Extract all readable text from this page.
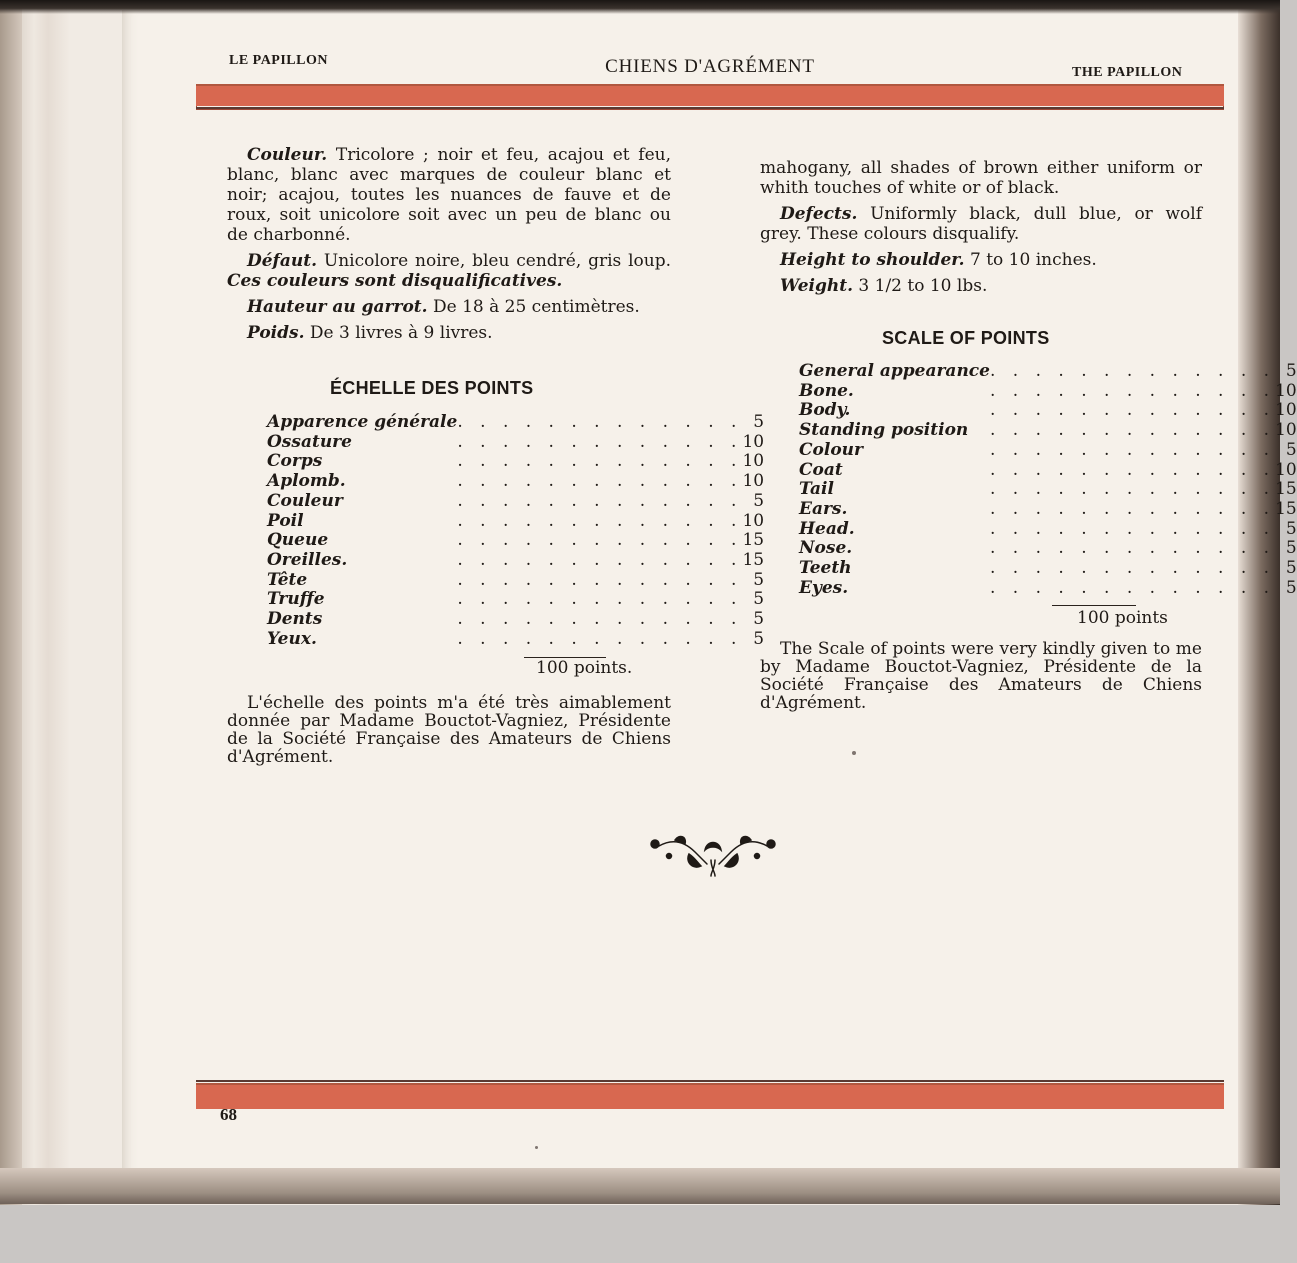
LE PAPILLON	CHIENS D'AGRÉMENT	THE PAPILLON

Couleur. Tricolore ; noir et feu, acajou et feu, blanc, blanc avec marques de couleur blanc et noir; acajou, toutes les nuances de fauve et de roux, soit unicolore soit avec un peu de blanc ou de charbonné.

Défaut. Unicolore noire, bleu cendré, gris loup. Ces couleurs sont disqualificatives.

Hauteur au garrot. De 18 à 25 centimètres.

Poids. De 3 livres à 9 livres.

ÉCHELLE DES POINTS
Apparence générale	. . . . . . . . . . . . .	5
Ossature	. . . . . . . . . . . . .	10
Corps	. . . . . . . . . . . . .	10
Aplomb.	. . . . . . . . . . . . .	10
Couleur	. . . . . . . . . . . . .	5
Poil	. . . . . . . . . . . . .	10
Queue	. . . . . . . . . . . . .	15
Oreilles.	. . . . . . . . . . . . .	15
Tête	. . . . . . . . . . . . .	5
Truffe	. . . . . . . . . . . . .	5
Dents	. . . . . . . . . . . . .	5
Yeux.	. . . . . . . . . . . . .	5
100 points.

L'échelle des points m'a été très aimablement donnée par Madame Bouctot-Vagniez, Présidente de la Société Française des Amateurs de Chiens d'Agrément.

mahogany, all shades of brown either uniform or whith touches of white or of black.

Defects. Uniformly black, dull blue, or wolf grey. These colours disqualify.

Height to shoulder. 7 to 10 inches.

Weight. 3 1/2 to 10 lbs.

SCALE OF POINTS
General appearance	. . . . . . . . . . . . .	5
Bone.	. . . . . . . . . . . . .	10
Body.	. . . . . . . . . . . . .	10
Standing position	. . . . . . . . . . . . .	10
Colour	. . . . . . . . . . . . .	5
Coat	. . . . . . . . . . . . .	10
Tail	. . . . . . . . . . . . .	15
Ears.	. . . . . . . . . . . . .	15
Head.	. . . . . . . . . . . . .	5
Nose.	. . . . . . . . . . . . .	5
Teeth	. . . . . . . . . . . . .	5
Eyes.	. . . . . . . . . . . . .	5
100 points

The Scale of points were very kindly given to me by Madame Bouctot-Vagniez, Présidente de la Société Française des Amateurs de Chiens d'Agrément.

68
